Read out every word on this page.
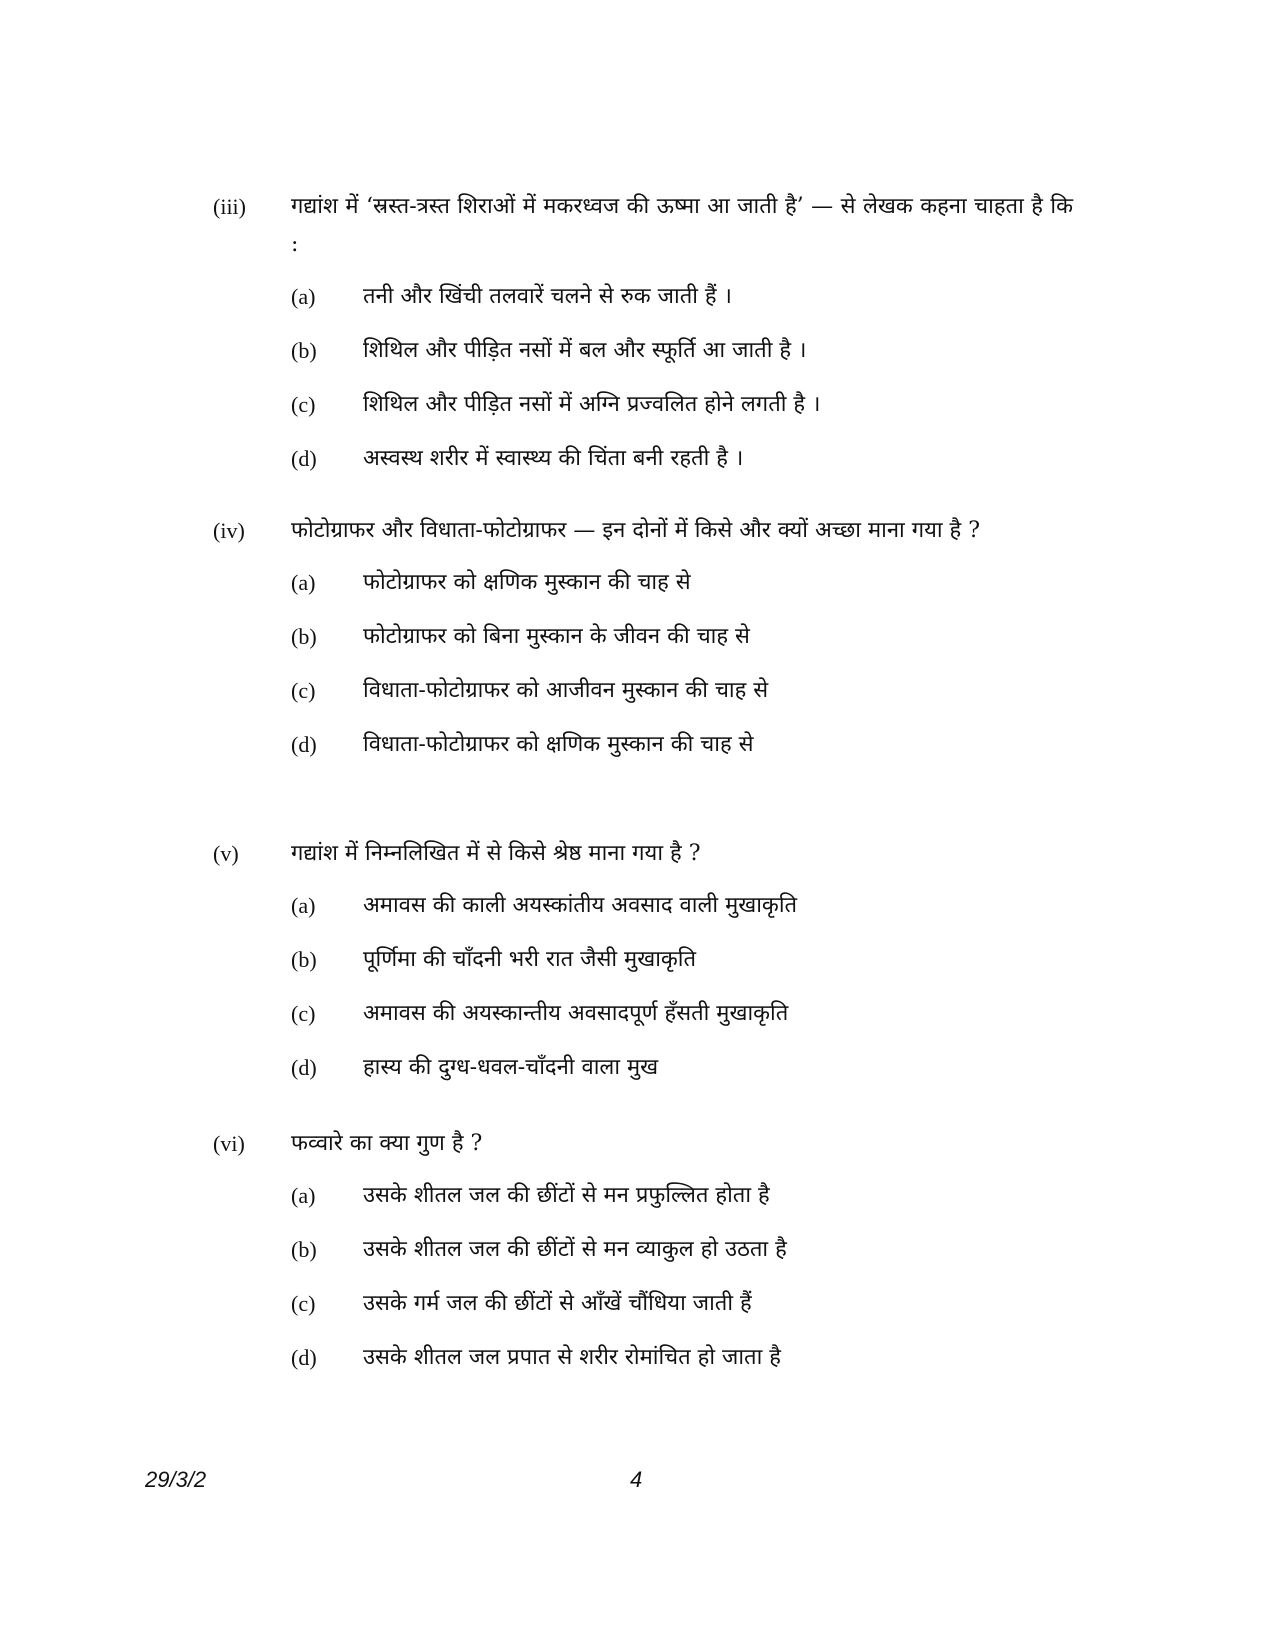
(iii) गद्यांश में ‘स्रस्त-त्रस्त शिराओं में मकरध्वज की ऊष्मा आ जाती है’ — से लेखक कहना चाहता है कि :
(a) तनी और खिंची तलवारें चलने से रुक जाती हैं ।
(b) शिथिल और पीड़ित नसों में बल और स्फूर्ति आ जाती है ।
(c) शिथिल और पीड़ित नसों में अग्नि प्रज्वलित होने लगती है ।
(d) अस्वस्थ शरीर में स्वास्थ्य की चिंता बनी रहती है ।
(iv) फोटोग्राफर और विधाता-फोटोग्राफर — इन दोनों में किसे और क्यों अच्छा माना गया है ?
(a) फोटोग्राफर को क्षणिक मुस्कान की चाह से
(b) फोटोग्राफर को बिना मुस्कान के जीवन की चाह से
(c) विधाता-फोटोग्राफर को आजीवन मुस्कान की चाह से
(d) विधाता-फोटोग्राफर को क्षणिक मुस्कान की चाह से
(v) गद्यांश में निम्नलिखित में से किसे श्रेष्ठ माना गया है ?
(a) अमावस की काली अयस्कांतीय अवसाद वाली मुखाकृति
(b) पूर्णिमा की चाँदनी भरी रात जैसी मुखाकृति
(c) अमावस की अयस्कान्तीय अवसादपूर्ण हँसती मुखाकृति
(d) हास्य की दुग्ध-धवल-चाँदनी वाला मुख
(vi) फव्वारे का क्या गुण है ?
(a) उसके शीतल जल की छींटों से मन प्रफुल्लित होता है
(b) उसके शीतल जल की छींटों से मन व्याकुल हो उठता है
(c) उसके गर्म जल की छींटों से आँखें चौंधिया जाती हैं
(d) उसके शीतल जल प्रपात से शरीर रोमांचित हो जाता है
29/3/2	4
